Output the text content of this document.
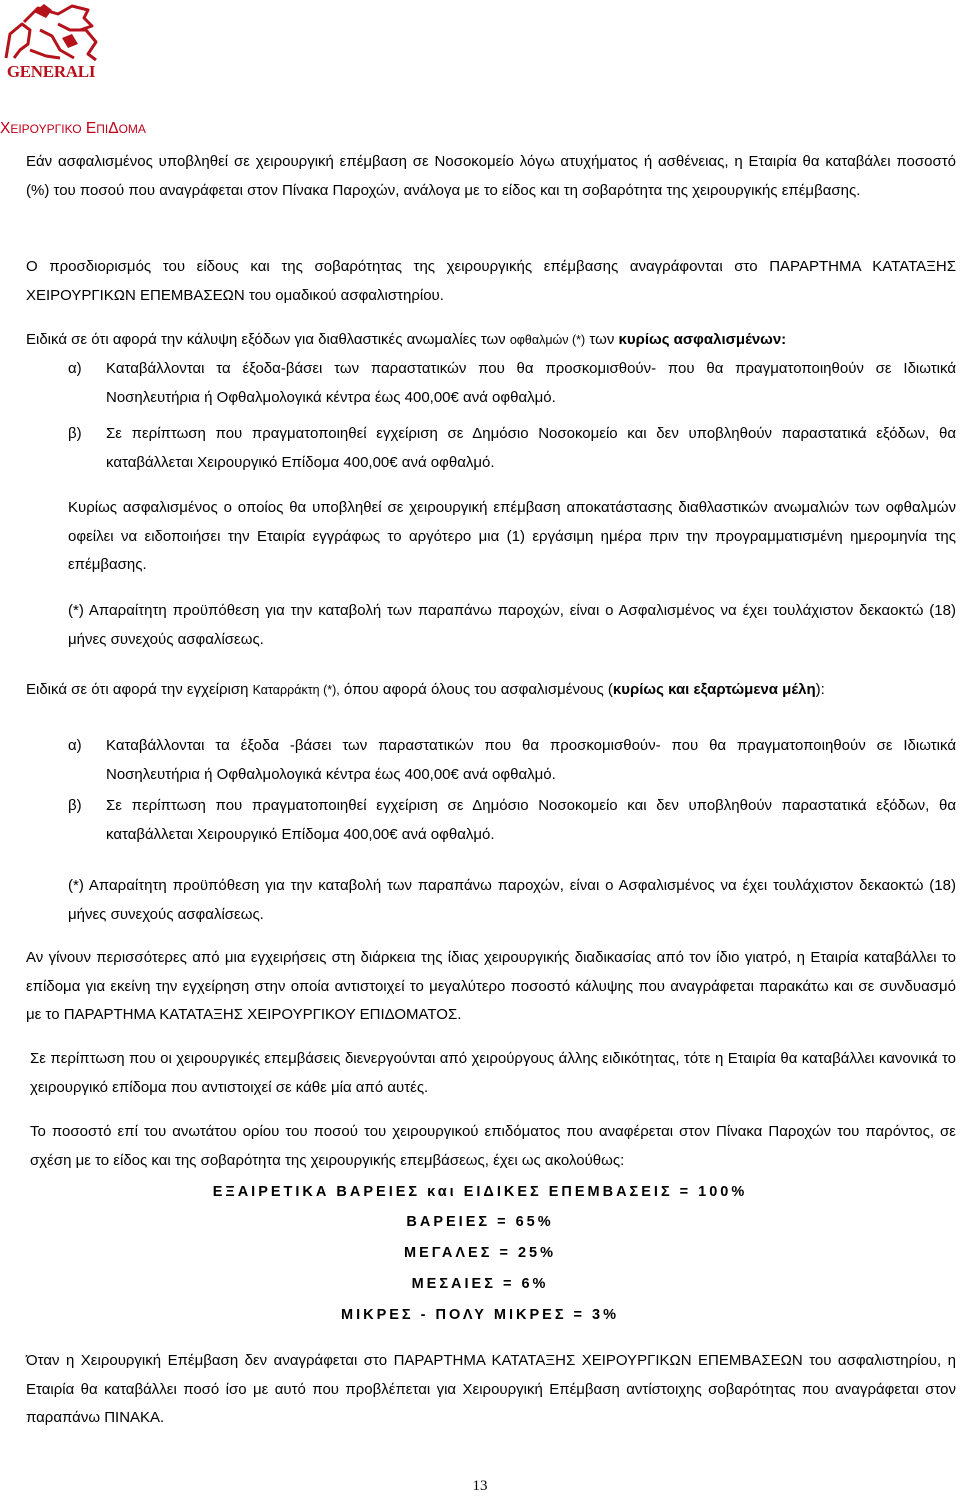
GENERALI
ΧΕΙΡΟΥΡΓΙΚΟ ΕΠΙΔΟΜΑ

Εάν ασφαλισμένος υποβληθεί σε χειρουργική επέμβαση σε Νοσοκομείο λόγω ατυχήματος ή ασθένειας, η Εταιρία θα καταβάλει ποσοστό (%) του ποσού που αναγράφεται στον Πίνακα Παροχών, ανάλογα με το είδος και τη σοβαρότητα της χειρουργικής επέμβασης.

Ο προσδιορισμός του είδους και της σοβαρότητας της χειρουργικής επέμβασης αναγράφονται στο ΠΑΡΑΡΤΗΜΑ ΚΑΤΑΤΑΞΗΣ ΧΕΙΡΟΥΡΓΙΚΩΝ ΕΠΕΜΒΑΣΕΩΝ του ομαδικού ασφαλιστηρίου.

Ειδικά σε ότι αφορά την κάλυψη εξόδων για διαθλαστικές ανωμαλίες των οφθαλμών (*) των κυρίως ασφαλισμένων:

α) Καταβάλλονται τα έξοδα-βάσει των παραστατικών που θα προσκομισθούν- που θα πραγματοποιηθούν σε Ιδιωτικά Νοσηλευτήρια ή Οφθαλμολογικά κέντρα έως 400,00€ ανά οφθαλμό.
β) Σε περίπτωση που πραγματοποιηθεί εγχείριση σε Δημόσιο Νοσοκομείο και δεν υποβληθούν παραστατικά εξόδων, θα καταβάλλεται Χειρουργικό Επίδομα 400,00€ ανά οφθαλμό.

Κυρίως ασφαλισμένος ο οποίος θα υποβληθεί σε χειρουργική επέμβαση αποκατάστασης διαθλαστικών ανωμαλιών των οφθαλμών οφείλει να ειδοποιήσει την Εταιρία εγγράφως το αργότερο μια (1) εργάσιμη ημέρα πριν την προγραμματισμένη ημερομηνία της επέμβασης.

(*) Απαραίτητη προϋπόθεση για την καταβολή των παραπάνω παροχών, είναι ο Ασφαλισμένος να έχει τουλάχιστον δεκαοκτώ (18) μήνες συνεχούς ασφαλίσεως.

Ειδικά σε ότι αφορά την εγχείριση Καταρράκτη (*), όπου αφορά όλους του ασφαλισμένους (κυρίως και εξαρτώμενα μέλη):

α) Καταβάλλονται τα έξοδα -βάσει των παραστατικών που θα προσκομισθούν- που θα πραγματοποιηθούν σε Ιδιωτικά Νοσηλευτήρια ή Οφθαλμολογικά κέντρα έως 400,00€ ανά οφθαλμό.
β) Σε περίπτωση που πραγματοποιηθεί εγχείριση σε Δημόσιο Νοσοκομείο και δεν υποβληθούν παραστατικά εξόδων, θα καταβάλλεται Χειρουργικό Επίδομα 400,00€ ανά οφθαλμό.

(*) Απαραίτητη προϋπόθεση για την καταβολή των παραπάνω παροχών, είναι ο Ασφαλισμένος να έχει τουλάχιστον δεκαοκτώ (18) μήνες συνεχούς ασφαλίσεως.

Αν γίνουν περισσότερες από μια εγχειρήσεις στη διάρκεια της ίδιας χειρουργικής διαδικασίας από τον ίδιο γιατρό, η Εταιρία καταβάλλει το επίδομα για εκείνη την εγχείρηση στην οποία αντιστοιχεί το μεγαλύτερο ποσοστό κάλυψης που αναγράφεται παρακάτω και σε συνδυασμό με το ΠΑΡΑΡΤΗΜΑ ΚΑΤΑΤΑΞΗΣ ΧΕΙΡΟΥΡΓΙΚΟΥ ΕΠΙΔΟΜΑΤΟΣ.

Σε περίπτωση που οι χειρουργικές επεμβάσεις διενεργούνται από χειρούργους άλλης ειδικότητας, τότε η Εταιρία θα καταβάλλει κανονικά το χειρουργικό επίδομα που αντιστοιχεί σε κάθε μία από αυτές.

Το ποσοστό επί του ανωτάτου ορίου του ποσού του χειρουργικού επιδόματος που αναφέρεται στον Πίνακα Παροχών του παρόντος, σε σχέση με το είδος και της σοβαρότητα της χειρουργικής επεμβάσεως, έχει ως ακολούθως:

ΕΞΑΙΡΕΤΙΚΑ ΒΑΡΕΙΕΣ και ΕΙΔΙΚΕΣ ΕΠΕΜΒΑΣΕΙΣ = 100%

ΒΑΡΕΙΕΣ = 65%

ΜΕΓΑΛΕΣ = 25%

ΜΕΣΑΙΕΣ = 6%

ΜΙΚΡΕΣ - ΠΟΛΥ ΜΙΚΡΕΣ = 3%

Όταν η Χειρουργική Επέμβαση δεν αναγράφεται στο ΠΑΡΑΡΤΗΜΑ ΚΑΤΑΤΑΞΗΣ ΧΕΙΡΟΥΡΓΙΚΩΝ ΕΠΕΜΒΑΣΕΩΝ του ασφαλιστηρίου, η Εταιρία θα καταβάλλει ποσό ίσο με αυτό που προβλέπεται για Χειρουργική Επέμβαση αντίστοιχης σοβαρότητας που αναγράφεται στον παραπάνω ΠΙΝΑΚΑ.

13
